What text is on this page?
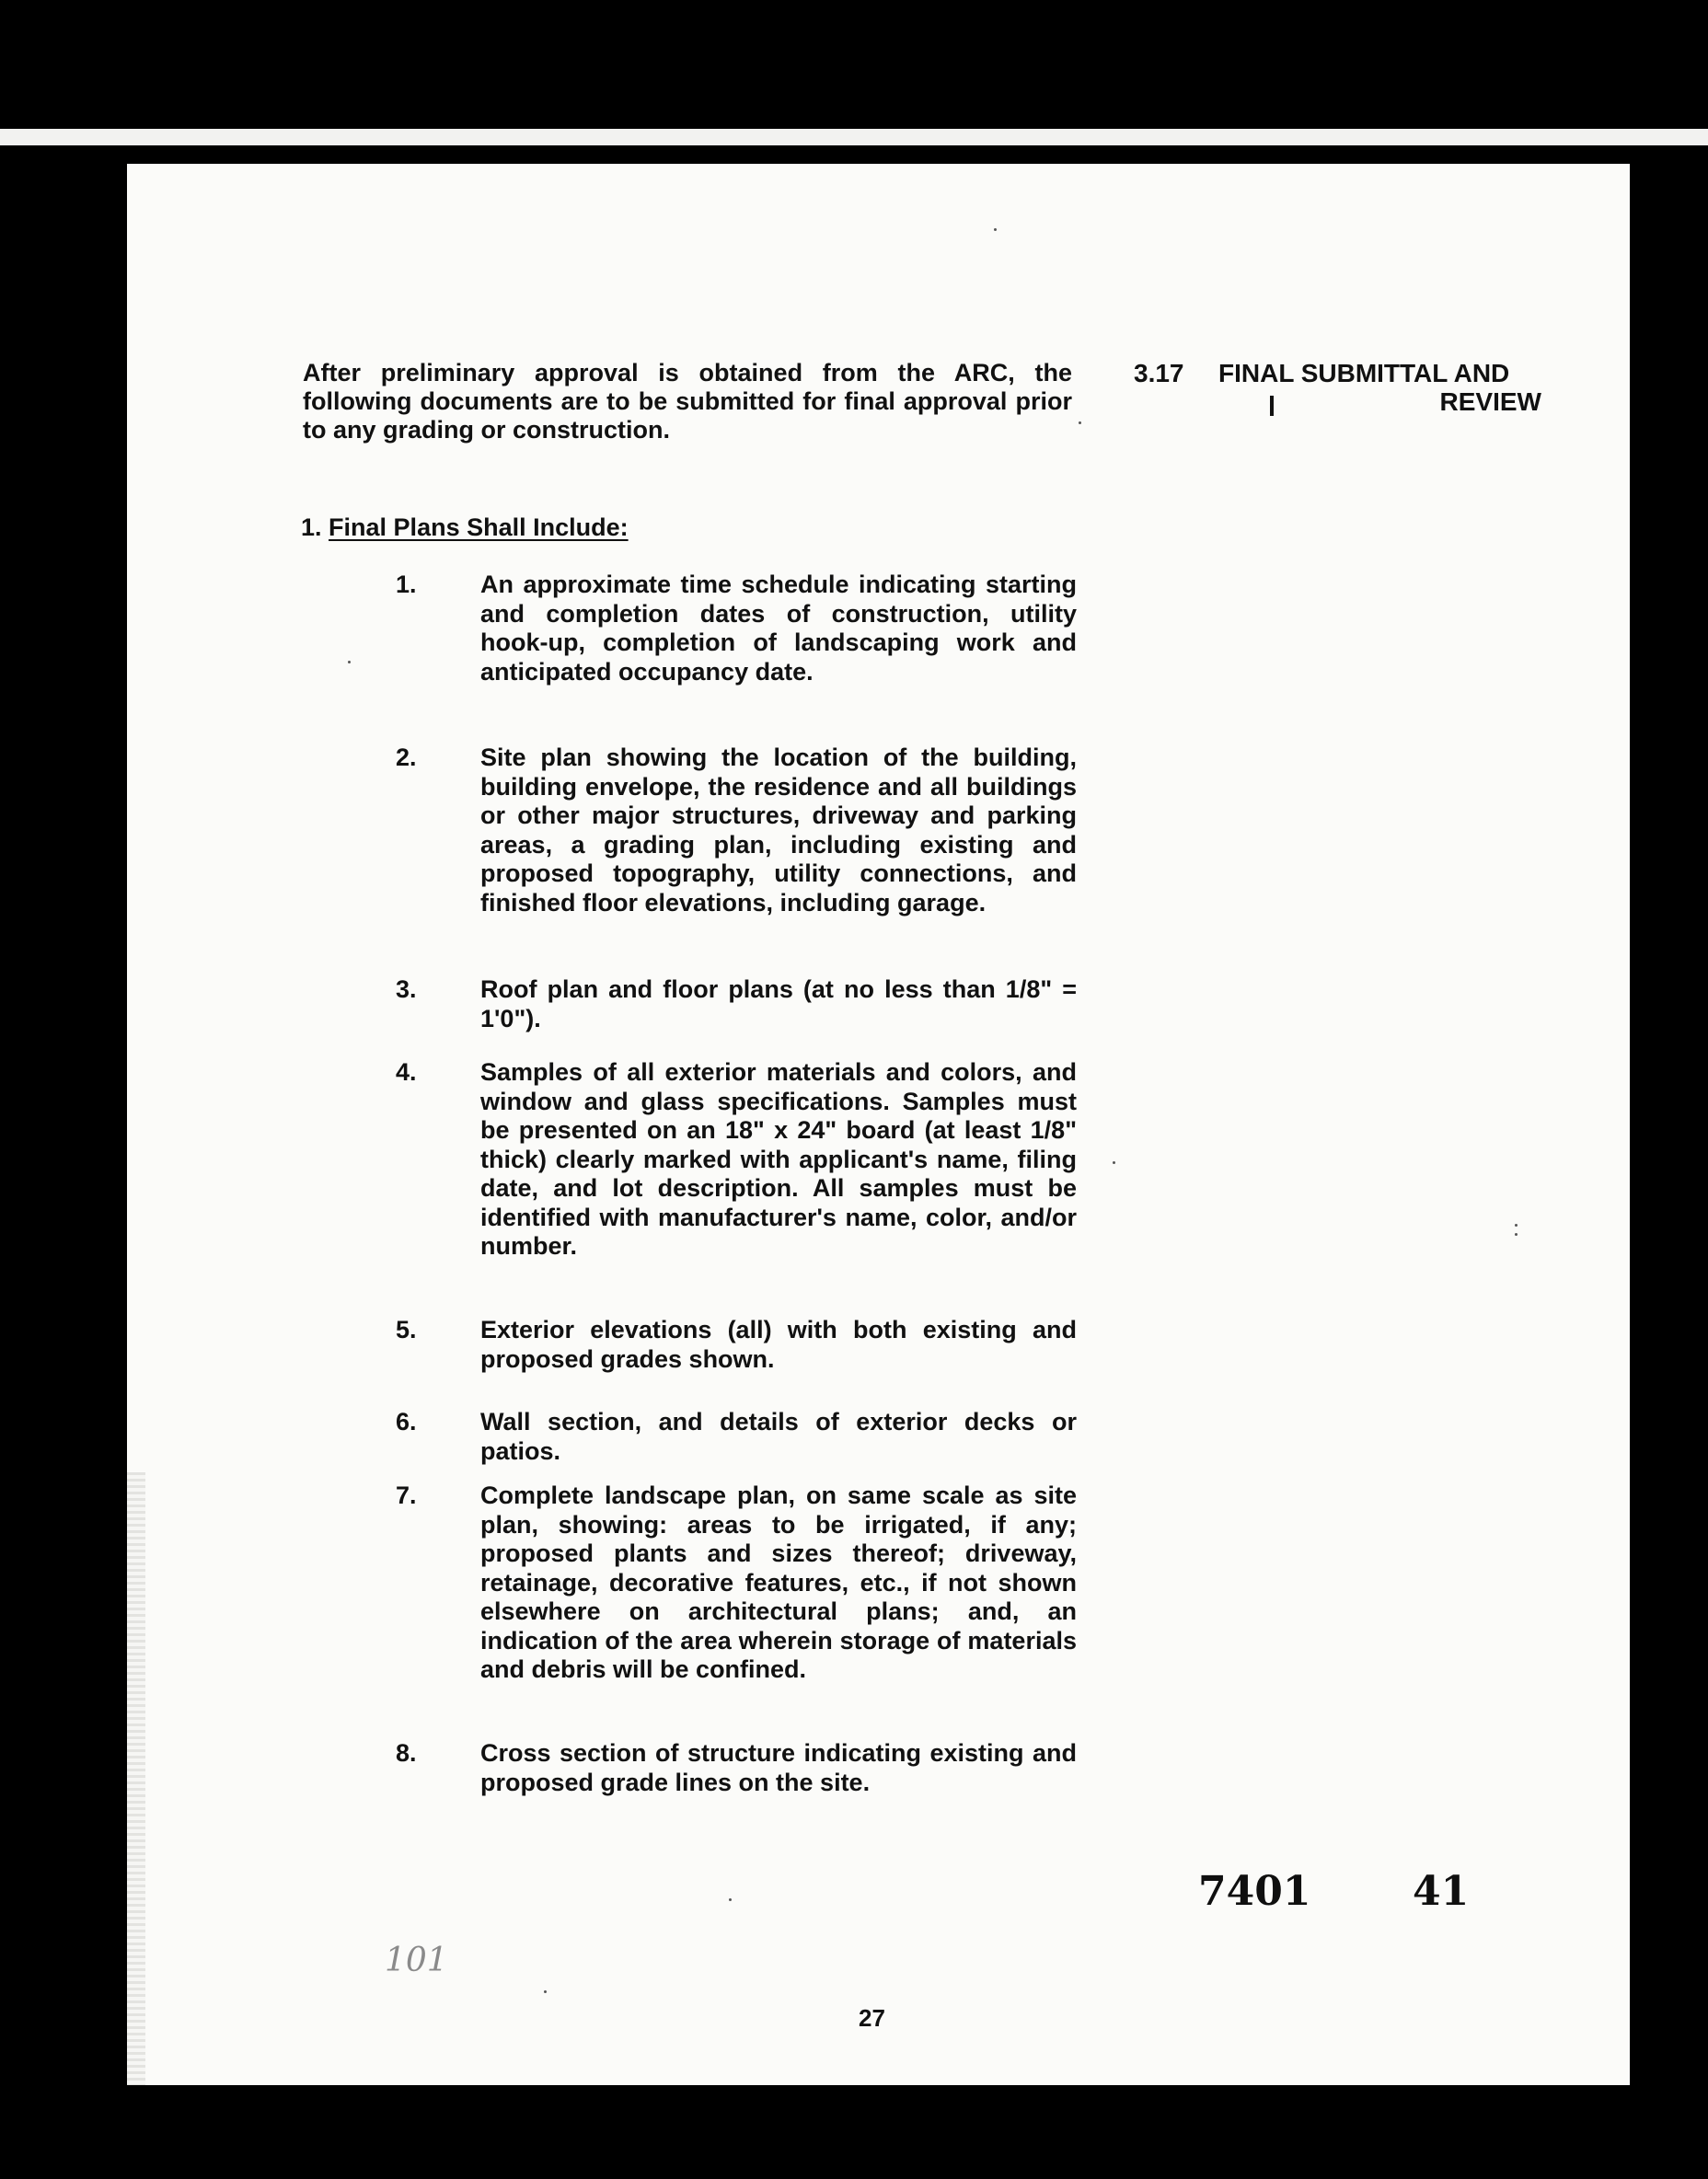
After preliminary approval is obtained from the ARC, the following documents are to be submitted for final approval prior to any grading or construction.

3.17 FINAL SUBMITTAL AND
REVIEW
1. Final Plans Shall Include:
1.	An approximate time schedule indicating starting and completion dates of construction, utility hook-up, completion of landscaping work and anticipated occupancy date.
2.	Site plan showing the location of the building, building envelope, the residence and all buildings or other major structures, driveway and parking areas, a grading plan, including existing and proposed topography, utility connections, and finished floor elevations, including garage.
3.	Roof plan and floor plans (at no less than 1/8" = 1'0").
4.	Samples of all exterior materials and colors, and window and glass specifications. Samples must be presented on an 18" x 24" board (at least 1/8" thick) clearly marked with applicant's name, filing date, and lot description. All samples must be identified with manufacturer's name, color, and/or number.
5.	Exterior elevations (all) with both existing and proposed grades shown.
6.	Wall section, and details of exterior decks or patios.
7.	Complete landscape plan, on same scale as site plan, showing: areas to be irrigated, if any; proposed plants and sizes thereof; driveway, retainage, decorative features, etc., if not shown elsewhere on architectural plans; and, an indication of the area wherein storage of materials and debris will be confined.
8.	Cross section of structure indicating existing and proposed grade lines on the site.
7401	41
101
27
